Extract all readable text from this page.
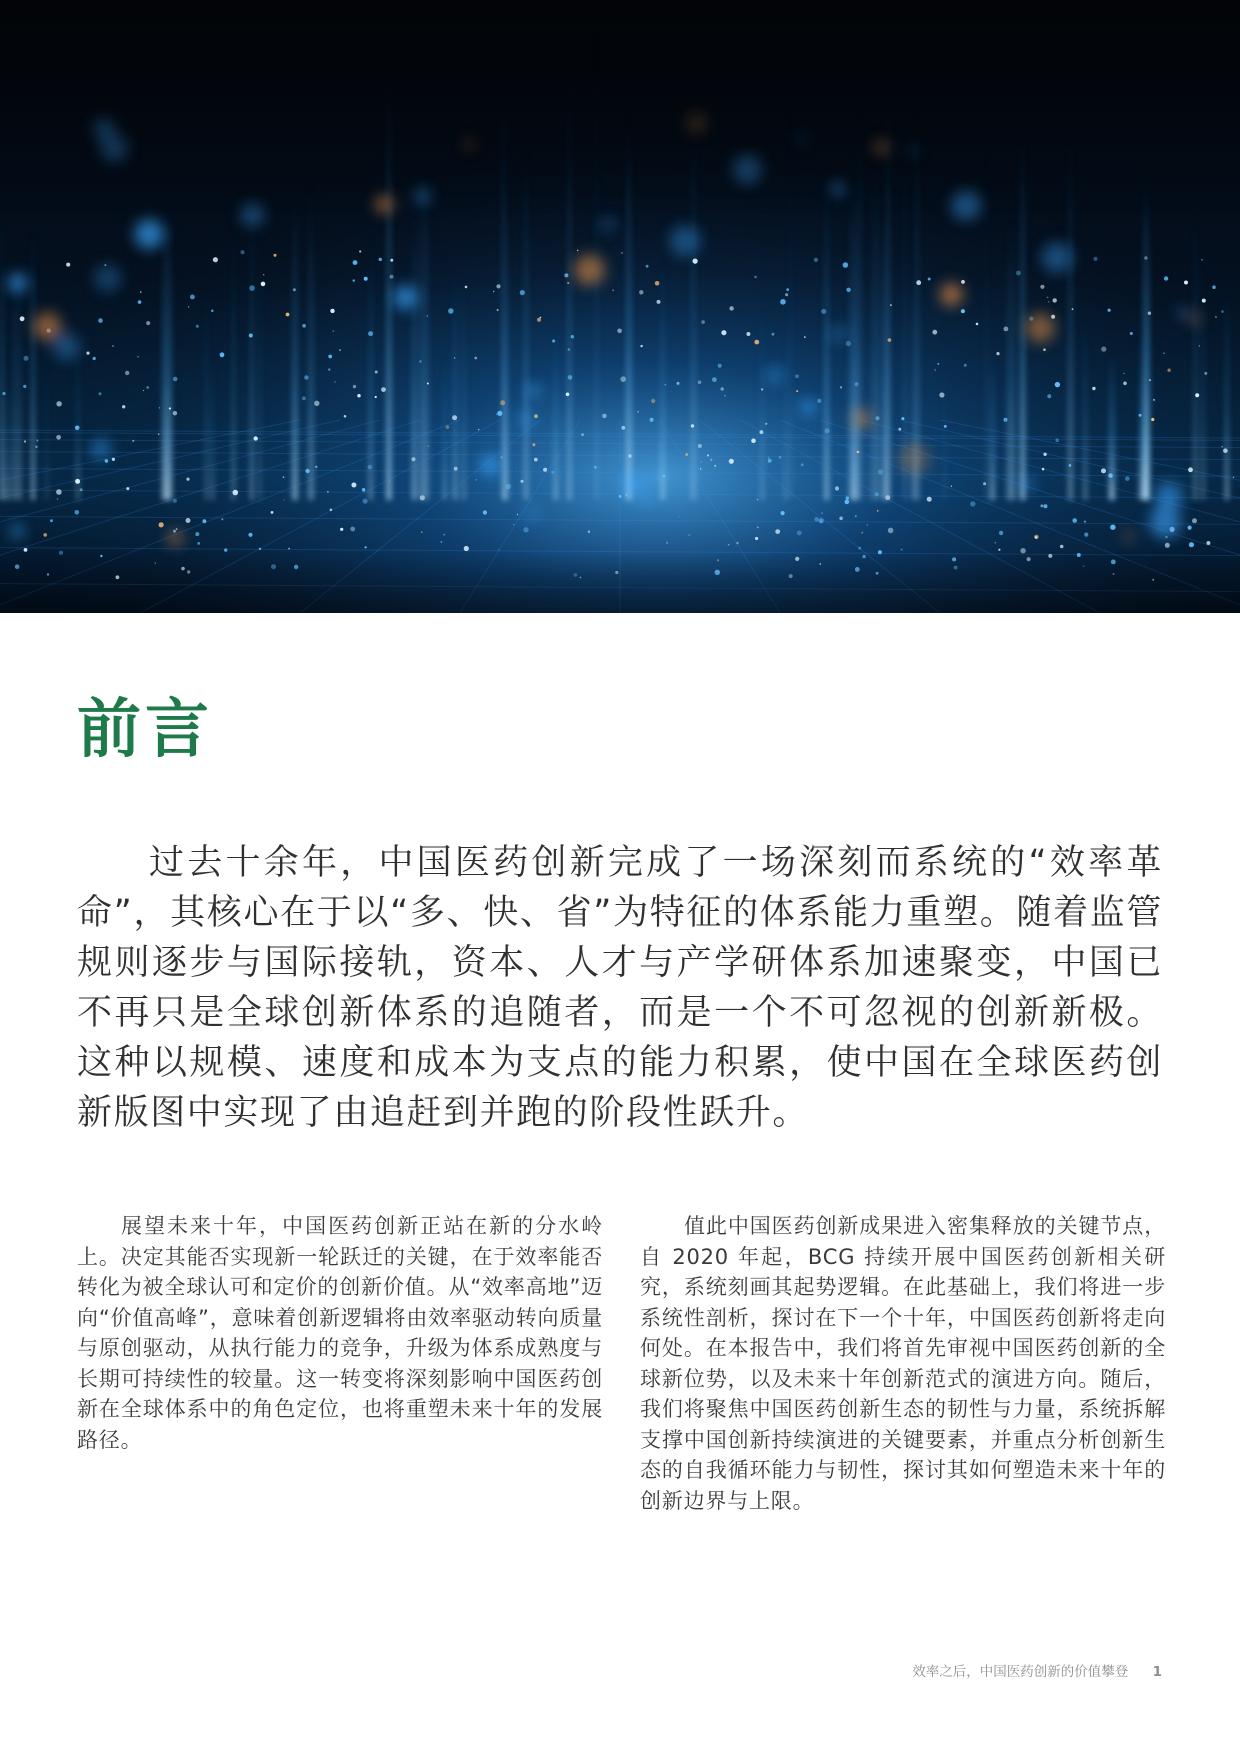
前言

过去十余年，中国医药创新完成了一场深刻而系统的“效率革命”，其核心在于以“多、快、省”为特征的体系能力重塑。随着监管规则逐步与国际接轨，资本、人才与产学研体系加速聚变，中国已不再只是全球创新体系的追随者，而是一个不可忽视的创新新极。这种以规模、速度和成本为支点的能力积累，使中国在全球医药创新版图中实现了由追赶到并跑的阶段性跃升。

展望未来十年，中国医药创新正站在新的分水岭上。决定其能否实现新一轮跃迁的关键，在于效率能否转化为被全球认可和定价的创新价值。从“效率高地”迈向“价值高峰”，意味着创新逻辑将由效率驱动转向质量与原创驱动，从执行能力的竞争，升级为体系成熟度与长期可持续性的较量。这一转变将深刻影响中国医药创新在全球体系中的角色定位，也将重塑未来十年的发展路径。

值此中国医药创新成果进入密集释放的关键节点，自 2020 年起，BCG 持续开展中国医药创新相关研究，系统刻画其起势逻辑。在此基础上，我们将进一步系统性剖析，探讨在下一个十年，中国医药创新将走向何处。在本报告中，我们将首先审视中国医药创新的全球新位势，以及未来十年创新范式的演进方向。随后，我们将聚焦中国医药创新生态的韧性与力量，系统拆解支撑中国创新持续演进的关键要素，并重点分析创新生态的自我循环能力与韧性，探讨其如何塑造未来十年的创新边界与上限。

效率之后，中国医药创新的价值攀登 1
